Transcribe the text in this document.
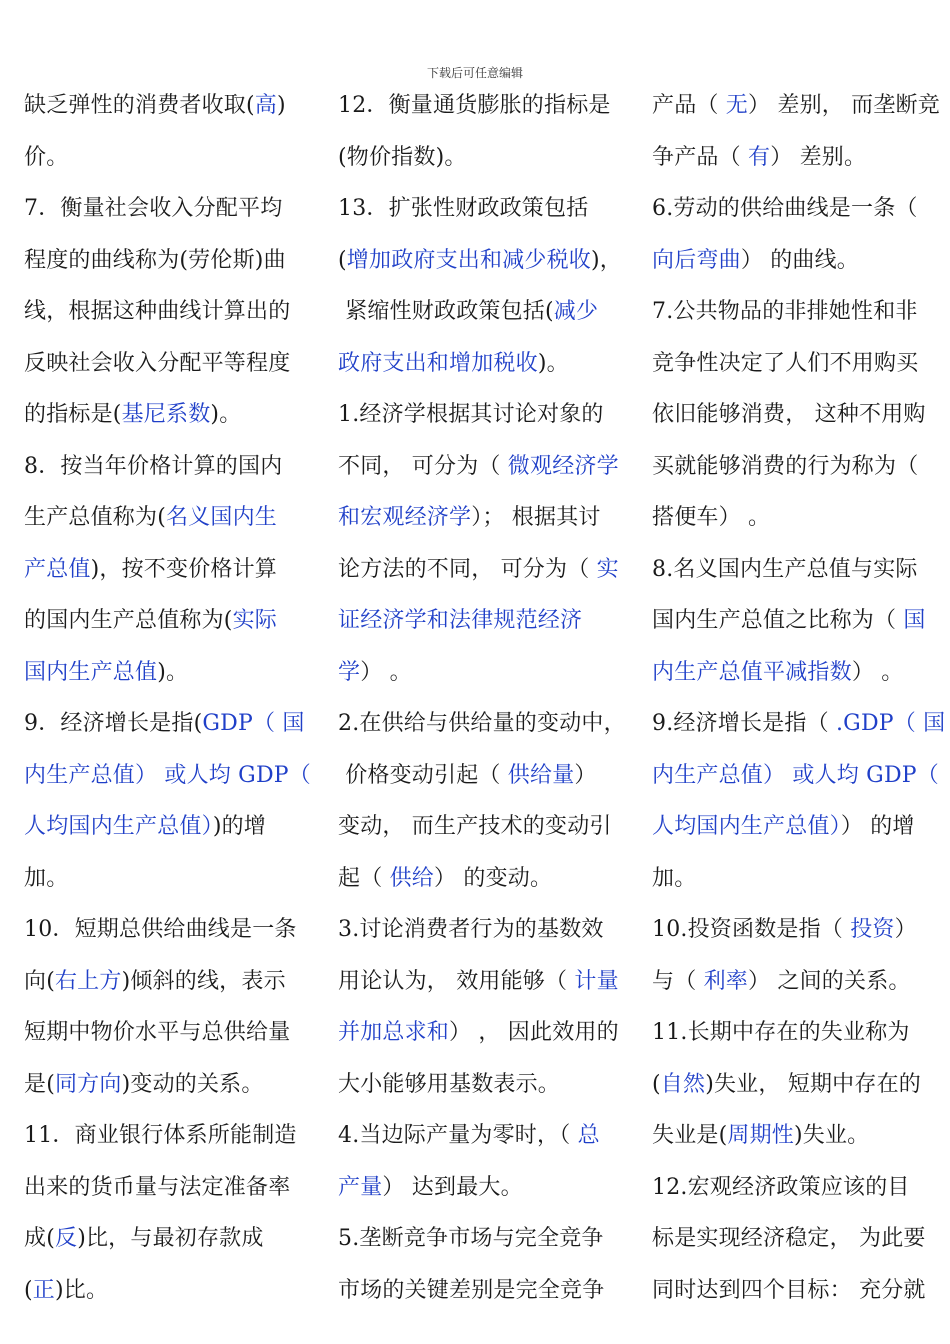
下载后可任意编辑
缺乏弹性的消费者收取(高)
价。
7．衡量社会收入分配平均
程度的曲线称为(劳伦斯)曲
线，根据这种曲线计算出的
反映社会收入分配平等程度
的指标是(基尼系数)。
8．按当年价格计算的国内
生产总值称为(名义国内生
产总值)，按不变价格计算
的国内生产总值称为(实际
国内生产总值)。
9．经济增长是指(GDP（ 国
内生产总值） 或人均 GDP（
人均国内生产总值）)的增
加。
10．短期总供给曲线是一条
向(右上方)倾斜的线，表示
短期中物价水平与总供给量
是(同方向)变动的关系。
11．商业银行体系所能制造
出来的货币量与法定准备率
成(反)比，与最初存款成
(正)比。
12．衡量通货膨胀的指标是
(物价指数)。
13．扩张性财政政策包括
(增加政府支出和减少税收)，
紧缩性财政政策包括(减少
政府支出和增加税收)。
1.经济学根据其讨论对象的
不同， 可分为（ 微观经济学
和宏观经济学）； 根据其讨
论方法的不同， 可分为（ 实
证经济学和法律规范经济
学） 。
2.在供给与供给量的变动中，
价格变动引起（ 供给量）
变动， 而生产技术的变动引
起（ 供给） 的变动。
3.讨论消费者行为的基数效
用论认为， 效用能够（ 计量
并加总求和） ， 因此效用的
大小能够用基数表示。
4.当边际产量为零时，（ 总
产量） 达到最大。
5.垄断竞争市场与完全竞争
市场的关键差别是完全竞争
产品（ 无） 差别， 而垄断竞
争产品（ 有） 差别。
6.劳动的供给曲线是一条（
向后弯曲） 的曲线。
7.公共物品的非排她性和非
竞争性决定了人们不用购买
依旧能够消费， 这种不用购
买就能够消费的行为称为（
搭便车） 。
8.名义国内生产总值与实际
国内生产总值之比称为（ 国
内生产总值平减指数） 。
9.经济增长是指（ .GDP（ 国
内生产总值） 或人均 GDP（
人均国内生产总值）） 的增
加。
10.投资函数是指（ 投资）
与（ 利率） 之间的关系。
11.长期中存在的失业称为
(自然)失业， 短期中存在的
失业是(周期性)失业。
12.宏观经济政策应该的目
标是实现经济稳定， 为此要
同时达到四个目标： 充分就
